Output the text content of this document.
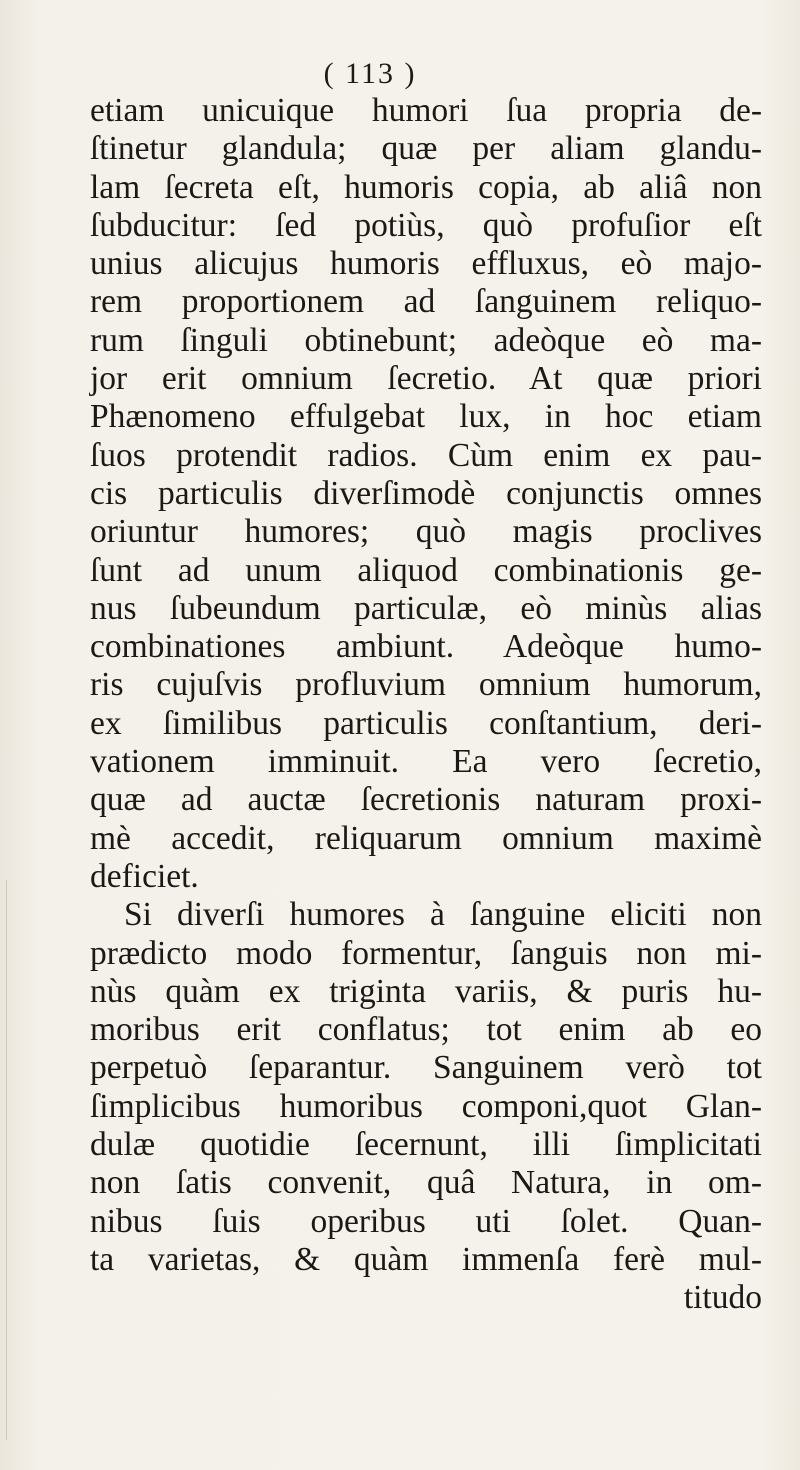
( 113 )
etiam unicuique humori ſua propria de-
ſtinetur glandula; quæ per aliam glandu-
lam ſecreta eſt, humoris copia, ab aliâ non
ſubducitur: ſed potiùs, quò profuſior eſt
unius alicujus humoris effluxus, eò majo-
rem proportionem ad ſanguinem reliquo-
rum ſinguli obtinebunt; adeòque eò ma-
jor erit omnium ſecretio. At quæ priori
Phænomeno effulgebat lux, in hoc etiam
ſuos protendit radios. Cùm enim ex pau-
cis particulis diverſimodè conjunctis omnes
oriuntur humores; quò magis proclives
ſunt ad unum aliquod combinationis ge-
nus ſubeundum particulæ, eò minùs alias
combinationes ambiunt. Adeòque humo-
ris cujuſvis profluvium omnium humorum,
ex ſimilibus particulis conſtantium, deri-
vationem imminuit. Ea vero ſecretio,
quæ ad auctæ ſecretionis naturam proxi-
mè accedit, reliquarum omnium maximè
deficiet.
Si diverſi humores à ſanguine eliciti non
prædicto modo formentur, ſanguis non mi-
nùs quàm ex triginta variis, & puris hu-
moribus erit conflatus; tot enim ab eo
perpetuò ſeparantur. Sanguinem verò tot
ſimplicibus humoribus componi,quot Glan-
dulæ quotidie ſecernunt, illi ſimplicitati
non ſatis convenit, quâ Natura, in om-
nibus ſuis operibus uti ſolet. Quan-
ta varietas, & quàm immenſa ferè mul-
titudo
